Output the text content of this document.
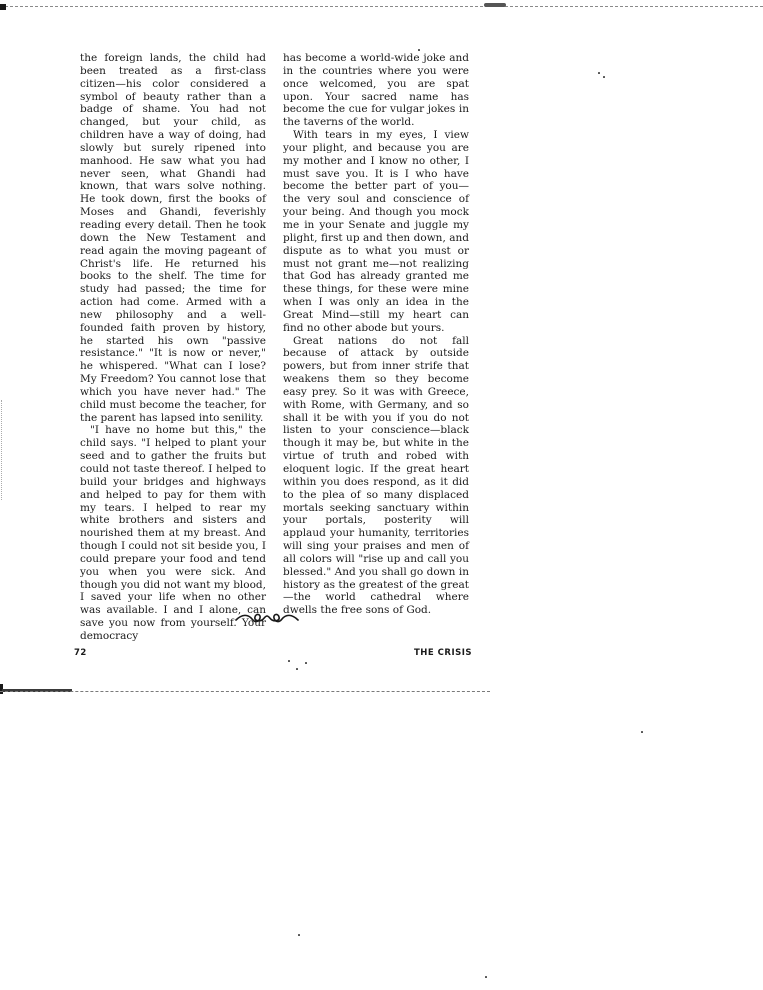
the foreign lands, the child had been treated as a first-class citizen—his color considered a symbol of beauty rather than a badge of shame. You had not changed, but your child, as children have a way of doing, had slowly but surely ripened into manhood. He saw what you had never seen, what Ghandi had known, that wars solve nothing. He took down, first the books of Moses and Ghandi, feverishly reading every detail. Then he took down the New Testament and read again the moving pageant of Christ's life. He returned his books to the shelf. The time for study had passed; the time for action had come. Armed with a new philosophy and a well-founded faith proven by history, he started his own "passive resistance." "It is now or never," he whispered. "What can I lose? My Freedom? You cannot lose that which you have never had." The child must become the teacher, for the parent has lapsed into senility.

"I have no home but this," the child says. "I helped to plant your seed and to gather the fruits but could not taste thereof. I helped to build your bridges and highways and helped to pay for them with my tears. I helped to rear my white brothers and sisters and nourished them at my breast. And though I could not sit beside you, I could prepare your food and tend you when you were sick. And though you did not want my blood, I saved your life when no other was available. I and I alone, can save you now from yourself. Your democracy

has become a world-wide joke and in the countries where you were once welcomed, you are spat upon. Your sacred name has become the cue for vulgar jokes in the taverns of the world.

With tears in my eyes, I view your plight, and because you are my mother and I know no other, I must save you. It is I who have become the better part of you—the very soul and conscience of your being. And though you mock me in your Senate and juggle my plight, first up and then down, and dispute as to what you must or must not grant me—not realizing that God has already granted me these things, for these were mine when I was only an idea in the Great Mind—still my heart can find no other abode but yours.

Great nations do not fall because of attack by outside powers, but from inner strife that weakens them so they become easy prey. So it was with Greece, with Rome, with Germany, and so shall it be with you if you do not listen to your conscience—black though it may be, but white in the virtue of truth and robed with eloquent logic. If the great heart within you does respond, as it did to the plea of so many displaced mortals seeking sanctuary within your portals, posterity will applaud your humanity, territories will sing your praises and men of all colors will "rise up and call you blessed." And you shall go down in history as the greatest of the great—the world cathedral where dwells the free sons of God.

72	THE CRISIS
